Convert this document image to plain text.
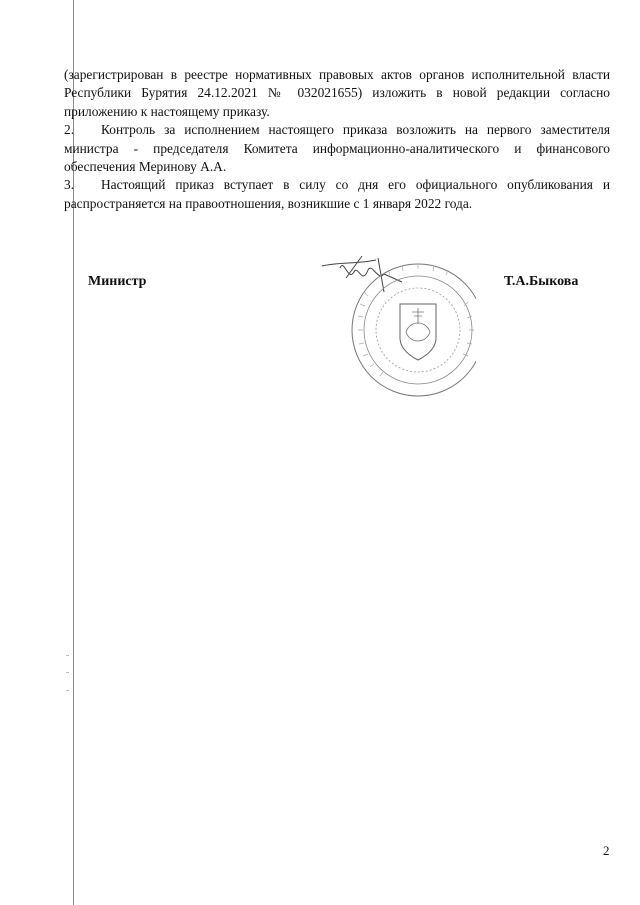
(зарегистрирован в реестре нормативных правовых актов органов исполнительной власти Республики Бурятия 24.12.2021 № 032021655) изложить в новой редакции согласно приложению к настоящему приказу.

2. Контроль за исполнением настоящего приказа возложить на первого заместителя министра - председателя Комитета информационно-аналитического и финансового обеспечения Меринову А.А.

3. Настоящий приказ вступает в силу со дня его официального опубликования и распространяется на правоотношения, возникшие с 1 января 2022 года.

Министр	Т.А.Быкова
2
